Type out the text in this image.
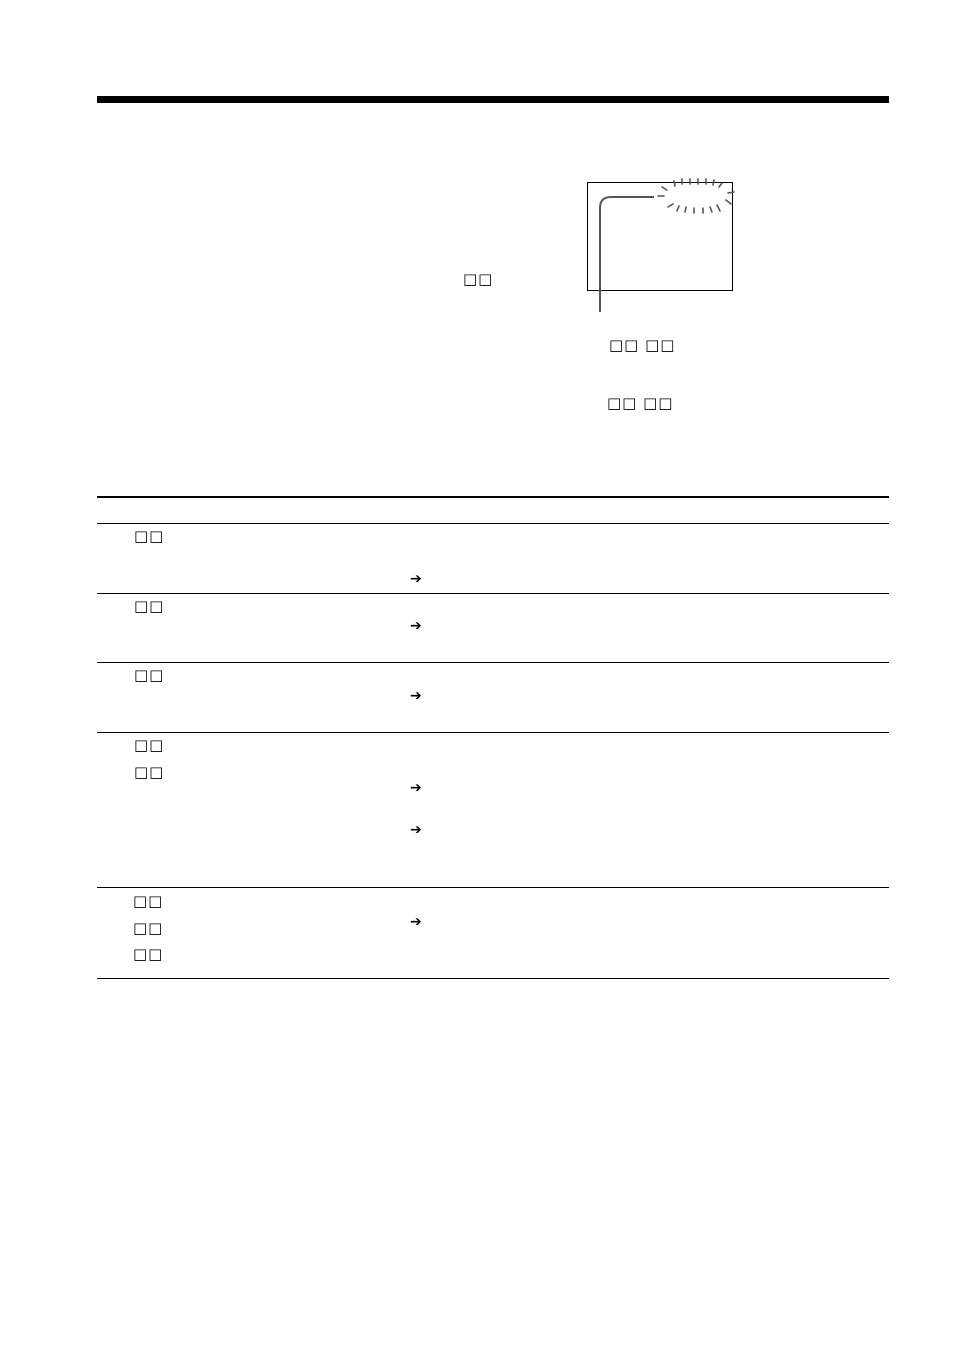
□□
□□ □□
□□ □□
□□
➔
□□
➔
□□
➔
□□
□□
➔
➔
□□
□□
□□
➔
